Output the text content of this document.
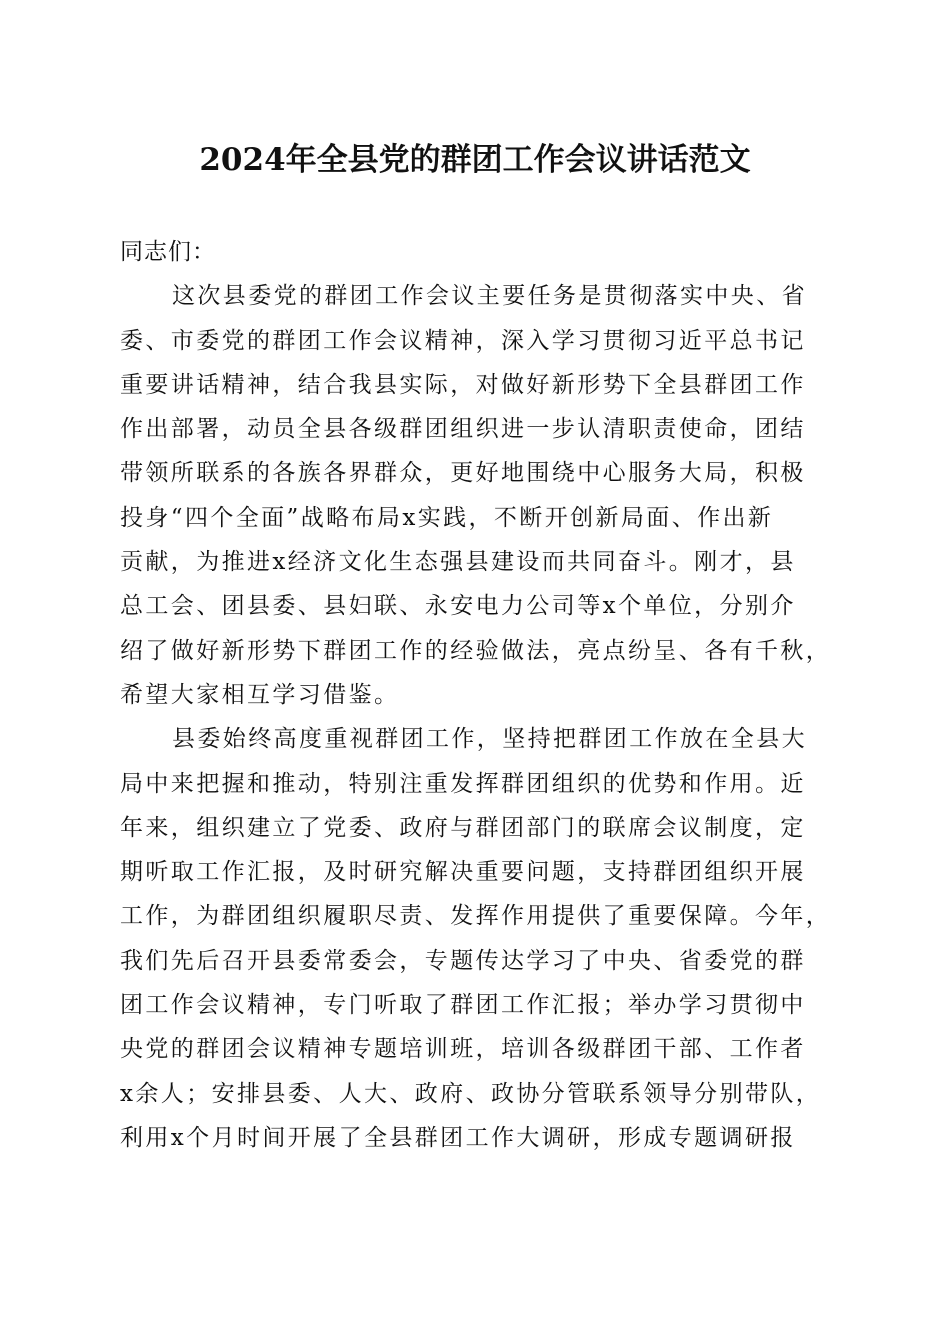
2024年全县党的群团工作会议讲话范文
同志们：
这次县委党的群团工作会议主要任务是贯彻落实中央、省
委、市委党的群团工作会议精神，深入学习贯彻习近平总书记
重要讲话精神，结合我县实际，对做好新形势下全县群团工作
作出部署，动员全县各级群团组织进一步认清职责使命，团结
带领所联系的各族各界群众，更好地围绕中心服务大局，积极
投身“四个全面”战略布局x实践，不断开创新局面、作出新
贡献，为推进x经济文化生态强县建设而共同奋斗。刚才，县
总工会、团县委、县妇联、永安电力公司等x个单位，分别介
绍了做好新形势下群团工作的经验做法，亮点纷呈、各有千秋，
希望大家相互学习借鉴。
县委始终高度重视群团工作，坚持把群团工作放在全县大
局中来把握和推动，特别注重发挥群团组织的优势和作用。近
年来，组织建立了党委、政府与群团部门的联席会议制度，定
期听取工作汇报，及时研究解决重要问题，支持群团组织开展
工作，为群团组织履职尽责、发挥作用提供了重要保障。今年，
我们先后召开县委常委会，专题传达学习了中央、省委党的群
团工作会议精神，专门听取了群团工作汇报；举办学习贯彻中
央党的群团会议精神专题培训班，培训各级群团干部、工作者
x余人；安排县委、人大、政府、政协分管联系领导分别带队，
利用x个月时间开展了全县群团工作大调研，形成专题调研报
